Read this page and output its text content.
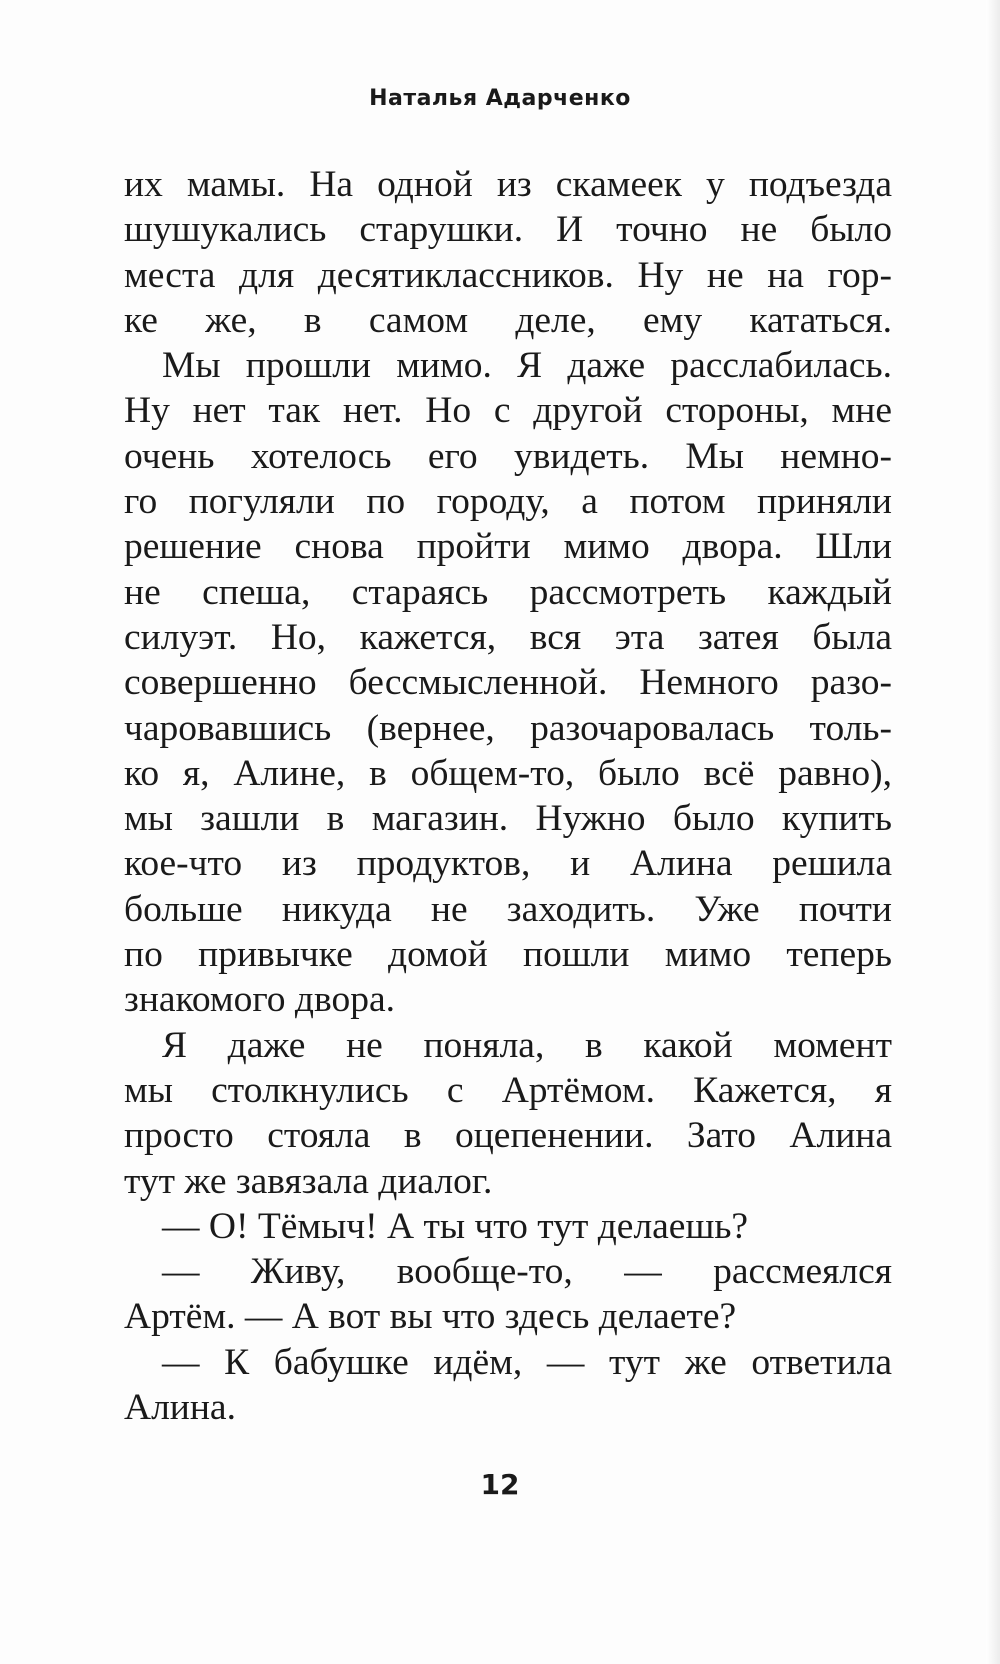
Наталья Адарченко
их мамы. На одной из скамеек у подъезда
шушукались старушки. И точно не было
места для десятиклассников. Ну не на гор-
ке же, в самом деле, ему кататься.
Мы прошли мимо. Я даже расслабилась.
Ну нет так нет. Но с другой стороны, мне
очень хотелось его увидеть. Мы немно-
го погуляли по городу, а потом приняли
решение снова пройти мимо двора. Шли
не спеша, стараясь рассмотреть каждый
силуэт. Но, кажется, вся эта затея была
совершенно бессмысленной. Немного разо-
чаровавшись (вернее, разочаровалась толь-
ко я, Алине, в общем-то, было всё равно),
мы зашли в магазин. Нужно было купить
кое-что из продуктов, и Алина решила
больше никуда не заходить. Уже почти
по привычке домой пошли мимо теперь
знакомого двора.
Я даже не поняла, в какой момент
мы столкнулись с Артёмом. Кажется, я
просто стояла в оцепенении. Зато Алина
тут же завязала диалог.
— О! Тёмыч! А ты что тут делаешь?
— Живу, вообще-то, — рассмеялся
Артём. — А вот вы что здесь делаете?
— К бабушке идём, — тут же ответила
Алина.
12
